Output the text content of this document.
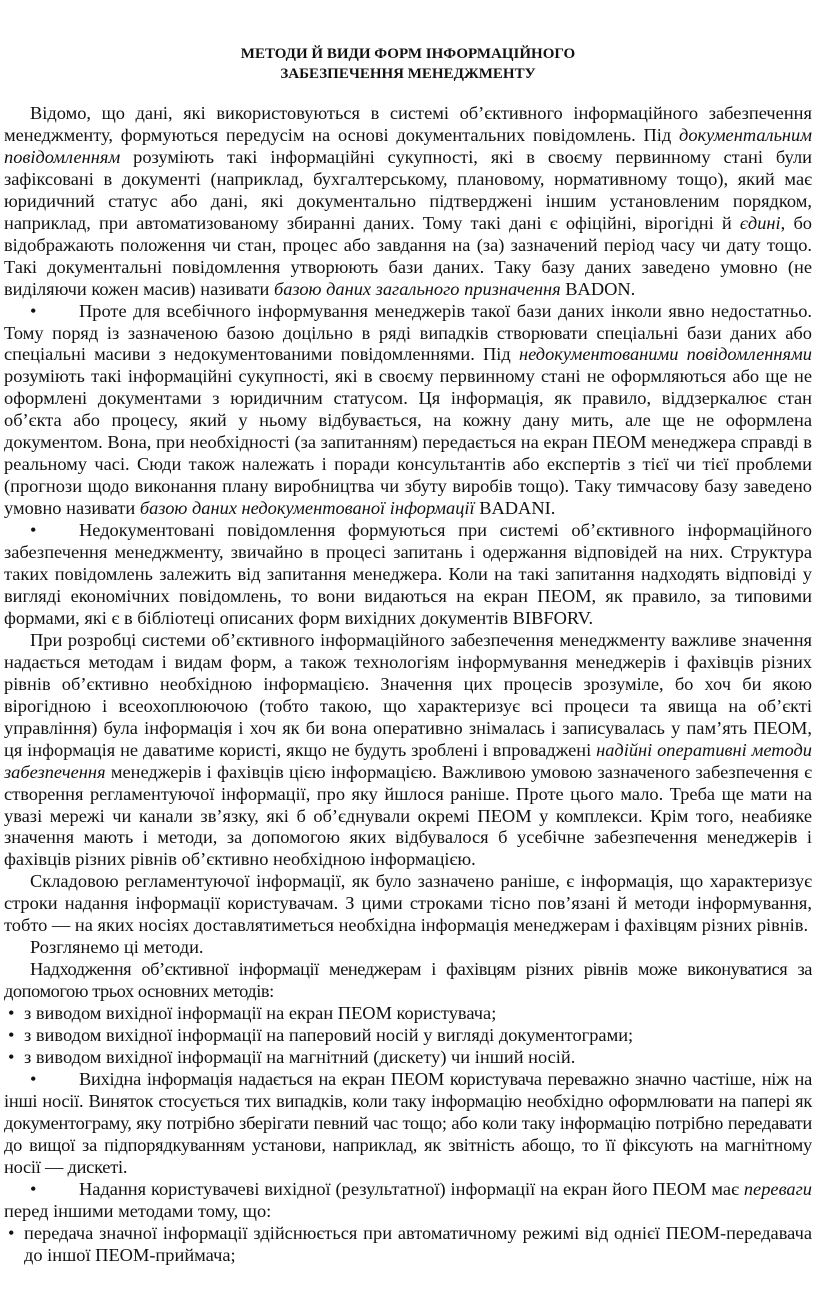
МЕТОДИ Й ВИДИ ФОРМ ІНФОРМАЦІЙНОГО
ЗАБЕЗПЕЧЕННЯ МЕНЕДЖМЕНТУ

Відомо, що дані, які використовуються в системі об’єктивного інформаційного забезпечення менеджменту, формуються передусім на основі документальних повідомлень. Під документальним повідомленням розуміють такі інформаційні сукупності, які в своєму первинному стані були зафіксовані в документі (наприклад, бухгалтерському, плановому, нормативному тощо), який має юридичний статус або дані, які документально підтверджені іншим установленим порядком, наприклад, при автоматизованому збиранні даних. Тому такі дані є офіційні, вірогідні й єдині, бо відображають положення чи стан, процес або завдання на (за) зазначений період часу чи дату тощо. Такі документальні повідомлення утворюють бази даних. Таку базу даних заведено умовно (не виділяючи кожен масив) називати базою даних загального призначення BADON.

• Проте для всебічного інформування менеджерів такої бази даних інколи явно недостатньо. Тому поряд із зазначеною базою доцільно в ряді випадків створювати спеціальні бази даних або спеціальні масиви з недокументованими повідомленнями. Під недокументованими повідомленнями розуміють такі інформаційні сукупності, які в своєму первинному стані не оформляються або ще не оформлені документами з юридичним статусом. Ця інформація, як правило, віддзеркалює стан об’єкта або процесу, який у ньому відбувається, на кожну дану мить, але ще не оформлена документом. Вона, при необхідності (за запитанням) передається на екран ПЕОМ менеджера справді в реальному часі. Сюди також належать і поради консультантів або експертів з тієї чи тієї проблеми (прогнози щодо виконання плану виробництва чи збуту виробів тощо). Таку тимчасову базу заведено умовно називати базою даних недокументованої інформації BADANI.

• Недокументовані повідомлення формуються при системі об’єктивного інформаційного забезпечення менеджменту, звичайно в процесі запитань і одержання відповідей на них. Структура таких повідомлень залежить від запитання менеджера. Коли на такі запитання надходять відповіді у вигляді економічних повідомлень, то вони видаються на екран ПЕОМ, як правило, за типовими формами, які є в бібліотеці описаних форм вихідних документів BIBFORV.

При розробці системи об’єктивного інформаційного забезпечення менеджменту важливе значення надається методам і видам форм, а також технологіям інформування менеджерів і фахівців різних рівнів об’єктивно необхідною інформацією. Значення цих процесів зрозуміле, бо хоч би якою вірогідною і всеохоплюючою (тобто такою, що характеризує всі процеси та явища на об’єкті управління) була інформація і хоч як би вона оперативно знімалась і записувалась у пам’ять ПЕОМ, ця інформація не даватиме користі, якщо не будуть зроблені і впроваджені надійні оперативні методи забезпечення менеджерів і фахівців цією інформацією. Важливою умовою зазначеного забезпечення є створення регламентуючої інформації, про яку йшлося раніше. Проте цього мало. Треба ще мати на увазі мережі чи канали зв’язку, які б об’єднували окремі ПЕОМ у комплекси. Крім того, неабияке значення мають і методи, за допомогою яких відбувалося б усебічне забезпечення менеджерів і фахівців різних рівнів об’єктивно необхідною інформацією.

Складовою регламентуючої інформації, як було зазначено раніше, є інформація, що характеризує строки надання інформації користувачам. З цими строками тісно пов’язані й методи інформування, тобто — на яких носіях доставлятиметься необхідна інформація менеджерам і фахівцям різних рівнів.

Розглянемо ці методи.

Надходження об’єктивної інформації менеджерам і фахівцям різних рівнів може виконуватися за допомогою трьох основних методів:

• з виводом вихідної інформації на екран ПЕОМ користувача;

• з виводом вихідної інформації на паперовий носій у вигляді документограми;

• з виводом вихідної інформації на магнітний (дискету) чи інший носій.

• Вихідна інформація надається на екран ПЕОМ користувача переважно значно частіше, ніж на інші носії. Виняток стосується тих випадків, коли таку інформацію необхідно оформлювати на папері як документограму, яку потрібно зберігати певний час тощо; або коли таку інформацію потрібно передавати до вищої за підпорядкуванням установи, наприклад, як звітність абощо, то її фіксують на магнітному носії — дискеті.

• Надання користувачеві вихідної (результатної) інформації на екран його ПЕОМ має переваги перед іншими методами тому, що:

• передача значної інформації здійснюється при автоматичному режимі від однієї ПЕОМ-передавача до іншої ПЕОМ-приймача;
